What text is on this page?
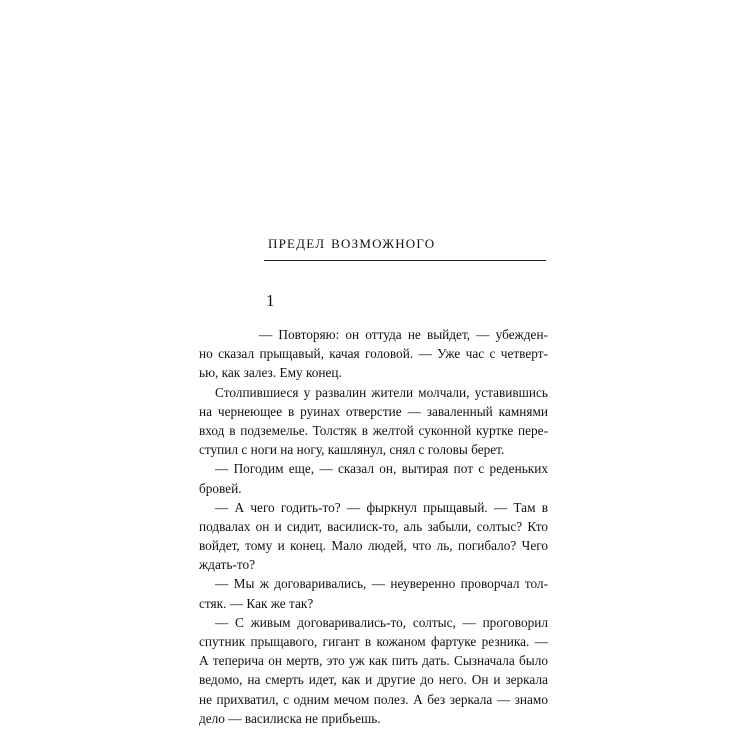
предел возможного
1
— Повторяю: он оттуда не выйдет, — убежден-
но сказал прыщавый, качая головой. — Уже час с четверт-
ью, как залез. Ему конец.
Столпившиеся у развалин жители молчали, уставившись
на чернеющее в руинах отверстие — заваленный камнями
вход в подземелье. Толстяк в желтой суконной куртке пере-
ступил с ноги на ногу, кашлянул, снял с головы берет.
— Погодим еще, — сказал он, вытирая пот с реденьких
бровей.
— А чего годить-то? — фыркнул прыщавый. — Там в
подвалах он и сидит, василиск-то, аль забыли, солтыс? Кто
войдет, тому и конец. Мало людей, что ль, погибало? Чего
ждать-то?
— Мы ж договаривались, — неуверенно проворчал тол-
стяк. — Как же так?
— С живым договаривались-то, солтыс, — проговорил
спутник прыщавого, гигант в кожаном фартуке резника. —
А теперича он мертв, это уж как пить дать. Сызначала было
ведомо, на смерть идет, как и другие до него. Он и зеркала
не прихватил, с одним мечом полез. А без зеркала — знамо
дело — василиска не прибьешь.
